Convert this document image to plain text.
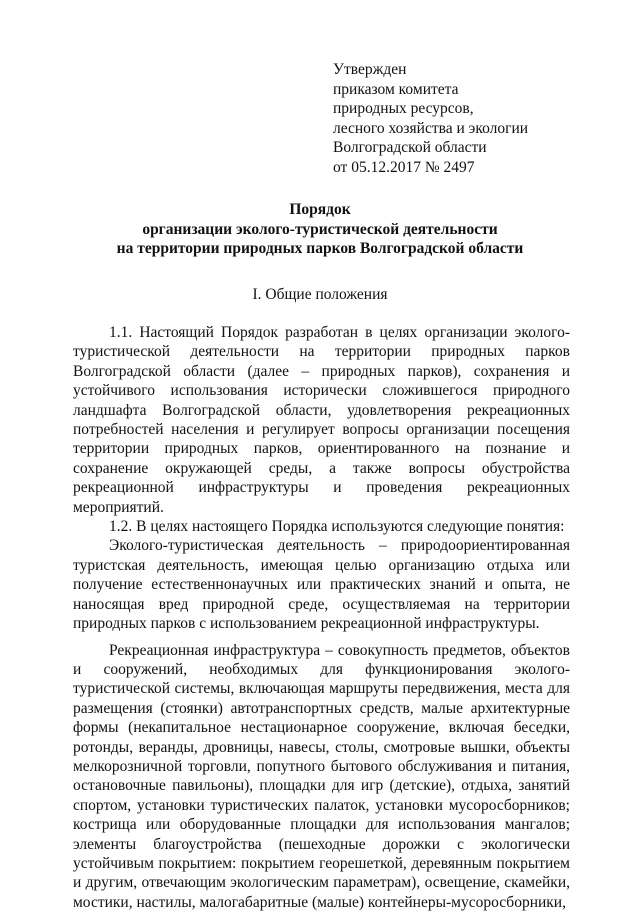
Утвержден
приказом комитета
природных ресурсов,
лесного хозяйства и экологии
Волгоградской области
от 05.12.2017 № 2497
Порядок
организации эколого-туристической деятельности
на территории природных парков Волгоградской области
I. Общие положения

1.1. Настоящий Порядок разработан в целях организации эколого-туристической деятельности на территории природных парков Волгоградской области (далее – природных парков), сохранения и устойчивого использования исторически сложившегося природного ландшафта Волгоградской области, удовлетворения рекреационных потребностей населения и регулирует вопросы организации посещения территории природных парков, ориентированного на познание и сохранение окружающей среды, а также вопросы обустройства рекреационной инфраструктуры и проведения рекреационных мероприятий.

1.2. В целях настоящего Порядка используются следующие понятия:

Эколого-туристическая деятельность – природоориентированная туристская деятельность, имеющая целью организацию отдыха или получение естественнонаучных или практических знаний и опыта, не наносящая вред природной среде, осуществляемая на территории природных парков с использованием рекреационной инфраструктуры.

Рекреационная инфраструктура – совокупность предметов, объектов и сооружений, необходимых для функционирования эколого-туристической системы, включающая маршруты передвижения, места для размещения (стоянки) автотранспортных средств, малые архитектурные формы (некапитальное нестационарное сооружение, включая беседки, ротонды, веранды, дровницы, навесы, столы, смотровые вышки, объекты мелкорозничной торговли, попутного бытового обслуживания и питания, остановочные павильоны), площадки для игр (детские), отдыха, занятий спортом, установки туристических палаток, установки мусоросборников; кострища или оборудованные площадки для использования мангалов; элементы благоустройства (пешеходные дорожки с экологически устойчивым покрытием: покрытием георешеткой, деревянным покрытием и другим, отвечающим экологическим параметрам), освещение, скамейки, мостики, настилы, малогабаритные (малые) контейнеры-мусоросборники,
